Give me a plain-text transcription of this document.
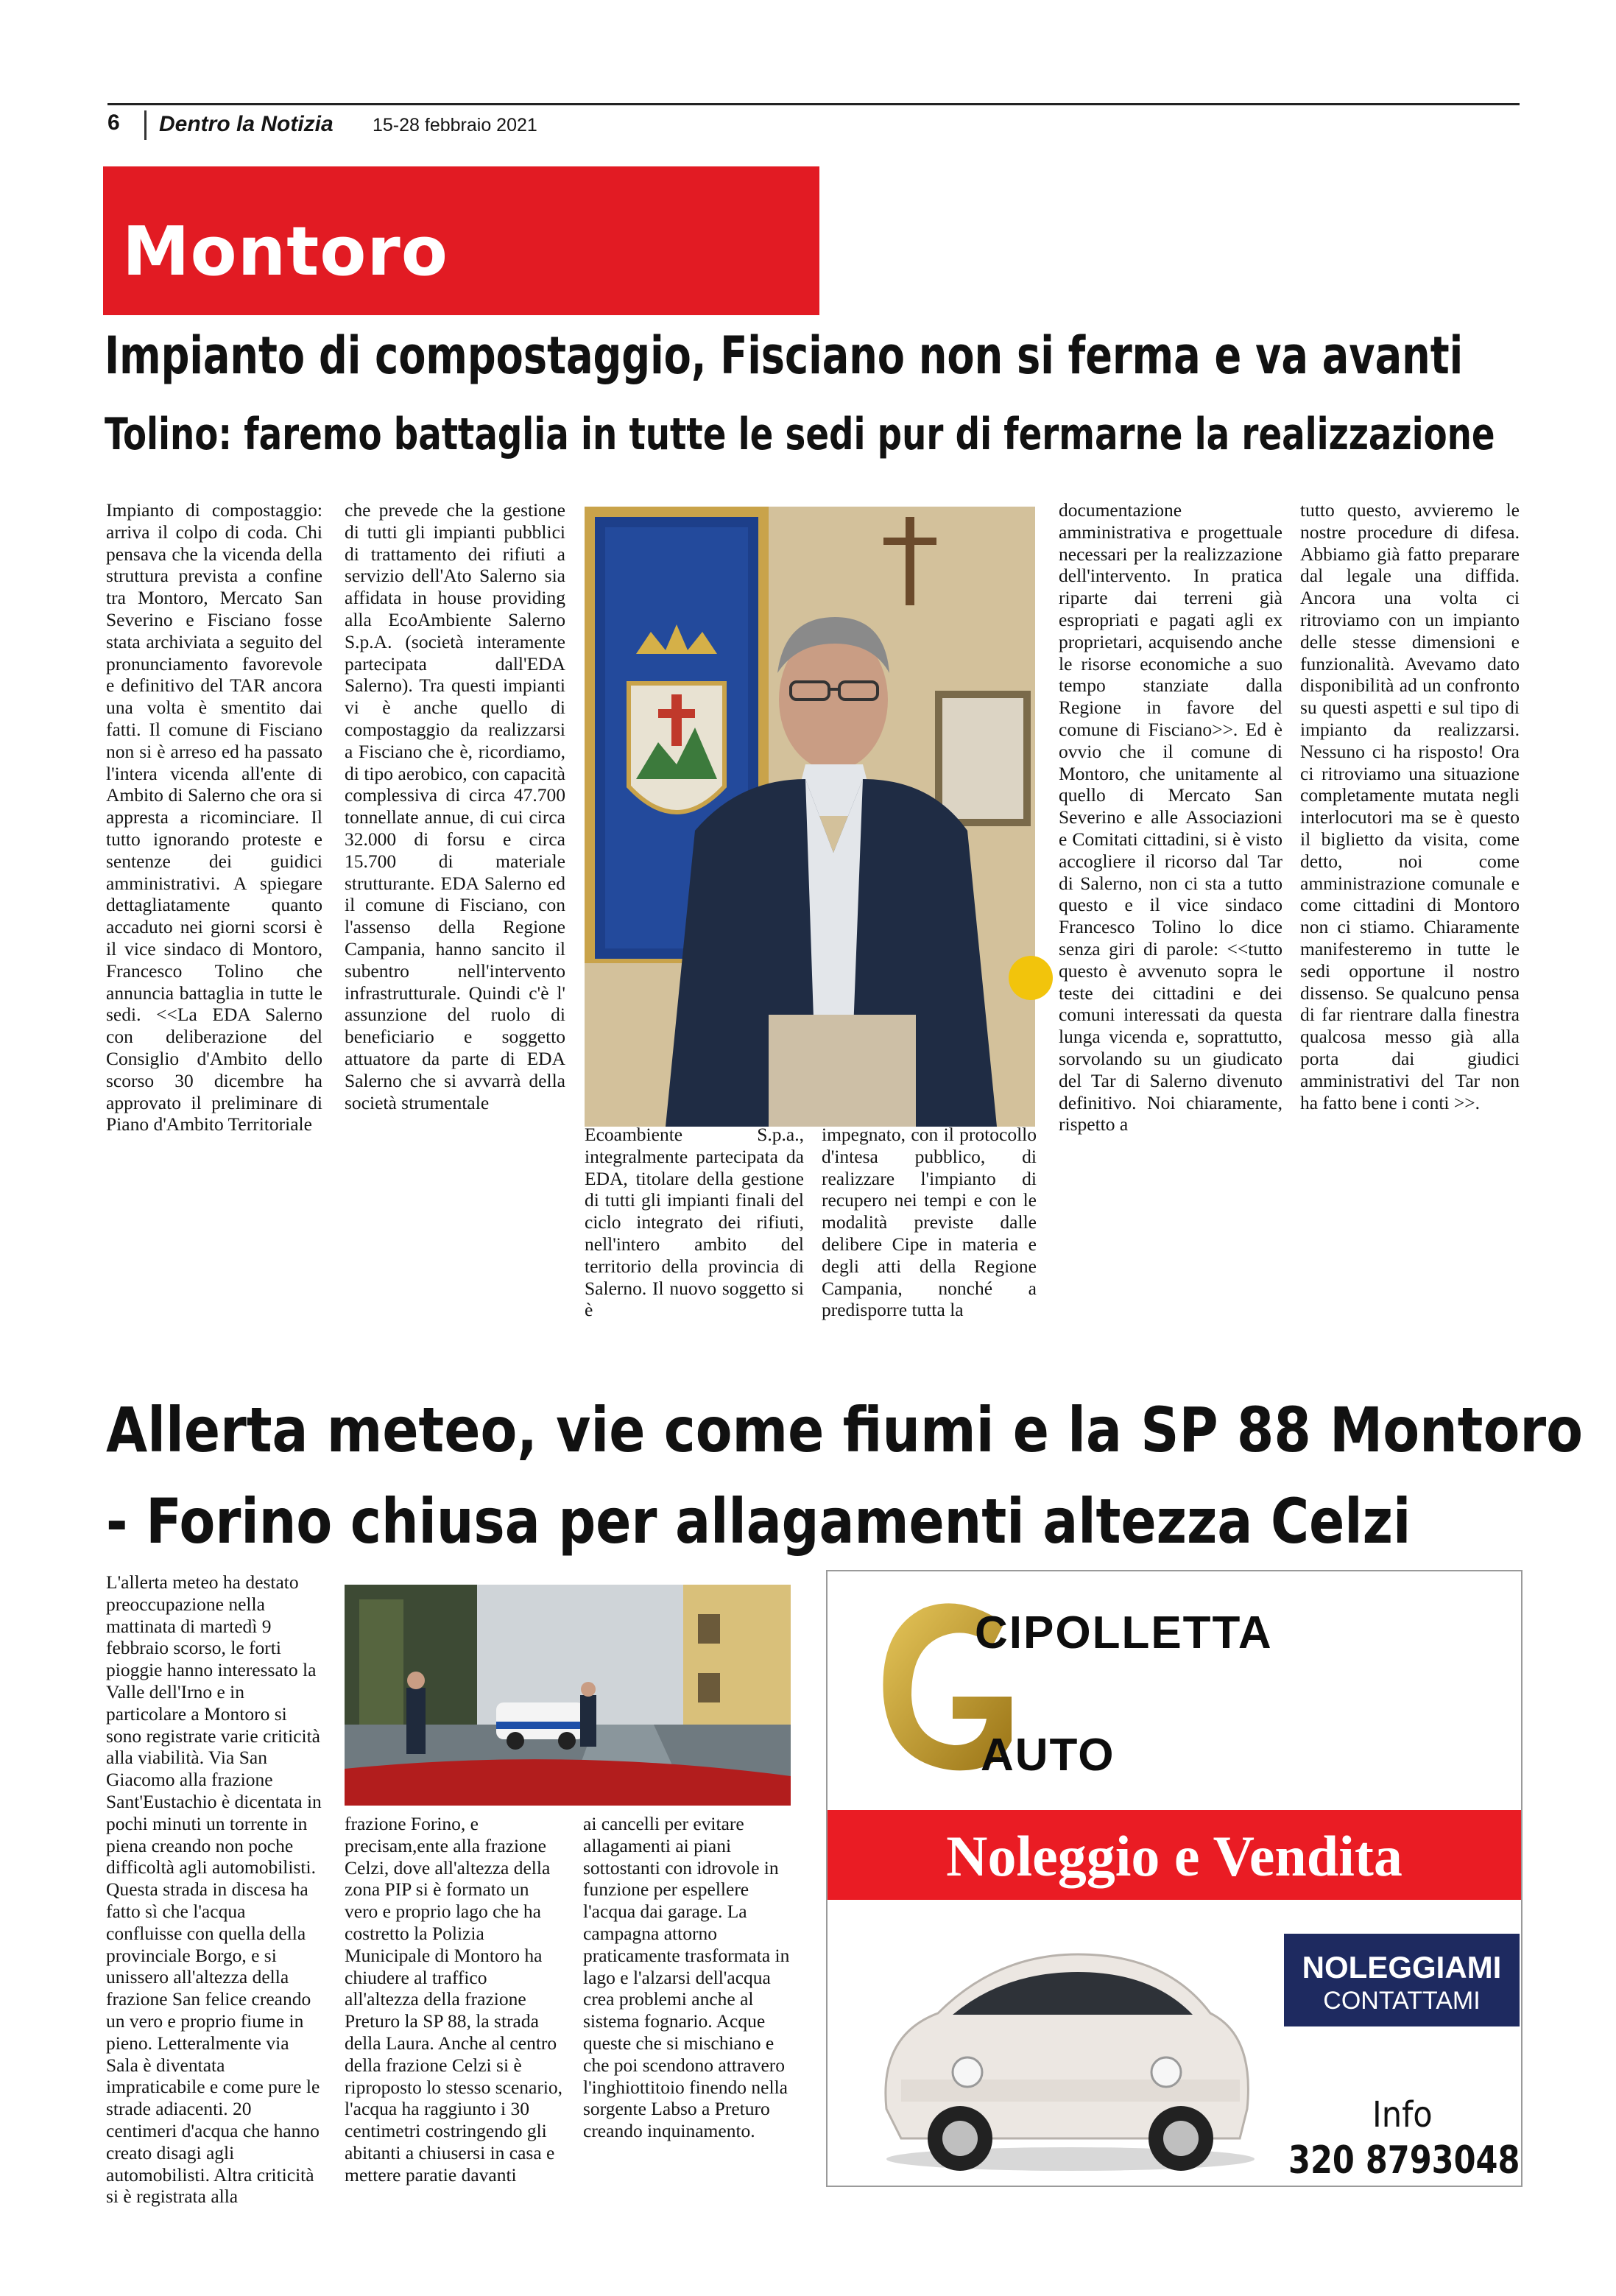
6 Dentro la Notizia 15-28 febbraio 2021
Montoro
Impianto di compostaggio, Fisciano non si ferma e va avanti
Tolino: faremo battaglia in tutte le sedi pur di fermarne la realizzazione
Impianto di compostaggio: arriva il colpo di coda. Chi pensava che la vicenda della struttura prevista a confine tra Montoro, Mercato San Severino e Fisciano fosse stata archiviata a seguito del pronunciamento favorevole e definitivo del TAR ancora una volta è smentito dai fatti. Il comune di Fisciano non si è arreso ed ha passato l'intera vicenda all'ente di Ambito di Salerno che ora si appresta a ricominciare. Il tutto ignorando proteste e sentenze dei guidici amministrativi. A spiegare dettagliatamente quanto accaduto nei giorni scorsi è il vice sindaco di Montoro, Francesco Tolino che annuncia battaglia in tutte le sedi. <<La EDA Salerno con deliberazione del Consiglio d'Ambito dello scorso 30 dicembre ha approvato il preliminare di Piano d'Ambito Territoriale
che prevede che la gestione di tutti gli impianti pubblici di trattamento dei rifiuti a servizio dell'Ato Salerno sia affidata in house providing alla EcoAmbiente Salerno S.p.A. (società interamente partecipata dall'EDA Salerno). Tra questi impianti vi è anche quello di compostaggio da realizzarsi a Fisciano che è, ricordiamo, di tipo aerobico, con capacità complessiva di circa 47.700 tonnellate annue, di cui circa 32.000 di forsu e circa 15.700 di materiale strutturante. EDA Salerno ed il comune di Fisciano, con l'assenso della Regione Campania, hanno sancito il subentro nell'intervento infrastrutturale. Quindi c'è l' assunzione del ruolo di beneficiario e soggetto attuatore da parte di EDA Salerno che si avvarrà della società strumentale
Ecoambiente S.p.a., integralmente partecipata da EDA, titolare della gestione di tutti gli impianti finali del ciclo integrato dei rifiuti, nell'intero ambito del territorio della provincia di Salerno. Il nuovo soggetto si è
impegnato, con il protocollo d'intesa pubblico, di realizzare l'impianto di recupero nei tempi e con le modalità previste dalle delibere Cipe in materia e degli atti della Regione Campania, nonché a predisporre tutta la
documentazione amministrativa e progettuale necessari per la realizzazione dell'intervento. In pratica riparte dai terreni già espropriati e pagati agli ex proprietari, acquisendo anche le risorse economiche a suo tempo stanziate dalla Regione in favore del comune di Fisciano>>. Ed è ovvio che il comune di Montoro, che unitamente al quello di Mercato San Severino e alle Associazioni e Comitati cittadini, si è visto accogliere il ricorso dal Tar di Salerno, non ci sta a tutto questo e il vice sindaco Francesco Tolino lo dice senza giri di parole: <<tutto questo è avvenuto sopra le teste dei cittadini e dei comuni interessati da questa lunga vicenda e, soprattutto, sorvolando su un giudicato del Tar di Salerno divenuto definitivo. Noi chiaramente, rispetto a
tutto questo, avvieremo le nostre procedure di difesa. Abbiamo già fatto preparare dal legale una diffida. Ancora una volta ci ritroviamo con un impianto delle stesse dimensioni e funzionalità. Avevamo dato disponibilità ad un confronto su questi aspetti e sul tipo di impianto da realizzarsi. Nessuno ci ha risposto! Ora ci ritroviamo una situazione completamente mutata negli interlocutori ma se è questo il biglietto da visita, come detto, noi come amministrazione comunale e come cittadini di Montoro non ci stiamo. Chiaramente manifesteremo in tutte le sedi opportune il nostro dissenso. Se qualcuno pensa di far rientrare dalla finestra qualcosa messo già alla porta dai giudici amministrativi del Tar non ha fatto bene i conti >>.
Allerta meteo, vie come fiumi e la SP 88 Montoro
- Forino chiusa per allagamenti altezza Celzi
L'allerta meteo ha destato preoccupazione nella mattinata di martedì 9 febbraio scorso, le forti pioggie hanno interessato la Valle dell'Irno e in particolare a Montoro si sono registrate varie criticità alla viabilità. Via San Giacomo alla frazione Sant'Eustachio è dicentata in pochi minuti un torrente in piena creando non poche difficoltà agli automobilisti. Questa strada in discesa ha fatto sì che l'acqua confluisse con quella della provinciale Borgo, e si unissero all'altezza della frazione San felice creando un vero e proprio fiume in pieno. Letteralmente via Sala è diventata impraticabile e come pure le strade adiacenti. 20 centimeri d'acqua che hanno creato disagi agli automobilisti. Altra criticità si è registrata alla
frazione Forino, e precisam,ente alla frazione Celzi, dove all'altezza della zona PIP si è formato un vero e proprio lago che ha costretto la Polizia Municipale di Montoro ha chiudere al traffico all'altezza della frazione Preturo la SP 88, la strada della Laura. Anche al centro della frazione Celzi si è riproposto lo stesso scenario, l'acqua ha raggiunto i 30 centimetri costringendo gli abitanti a chiusersi in casa e mettere paratie davanti
ai cancelli per evitare allagamenti ai piani sottostanti con idrovole in funzione per espellere l'acqua dai garage. La campagna attorno praticamente trasformata in lago e l'alzarsi dell'acqua crea problemi anche al sistema fognario. Acque queste che si mischiano e che poi scendono attravero l'inghiottitoio finendo nella sorgente Labso a Preturo creando inquinamento.
CIPOLLETTA
AUTO
Noleggio e Vendita
NOLEGGIAMI
CONTATTAMI
Info
320 8793048
